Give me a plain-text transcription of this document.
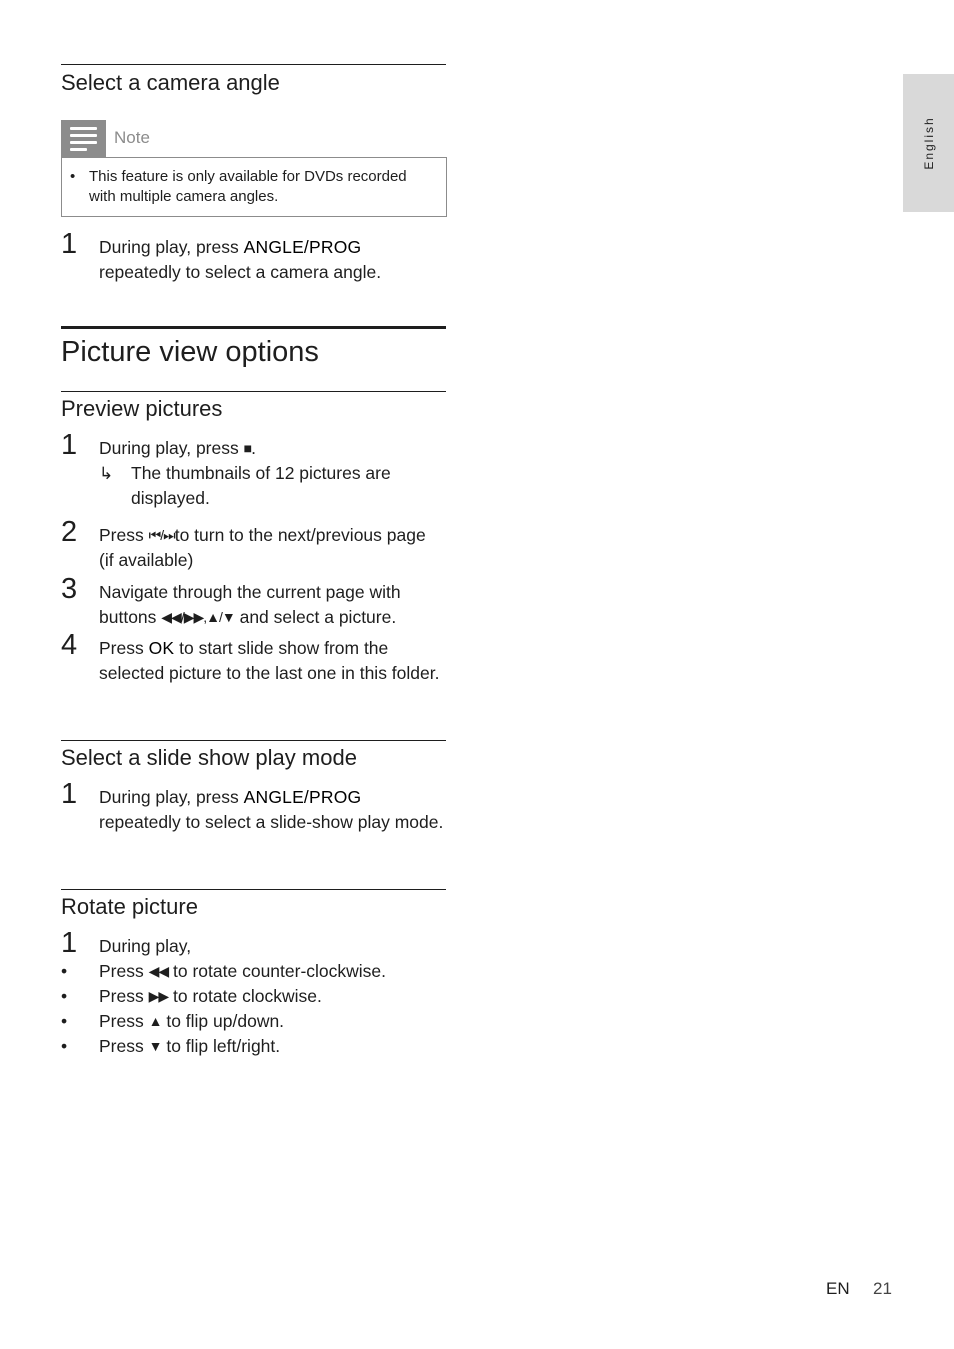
English
Select a camera angle
Note
• This feature is only available for DVDs recorded with multiple camera angles.
1 During play, press ANGLE/PROG
repeatedly to select a camera angle.
Picture view options
Preview pictures
1 During play, press ■.
↳ The thumbnails of 12 pictures are displayed.
2 Press ⏮/⏭to turn to the next/previous page (if available)
3 Navigate through the current page with buttons ◀◀/▶▶,▲/▼ and select a picture.
4 Press OK to start slide show from the selected picture to the last one in this folder.
Select a slide show play mode
1 During play, press ANGLE/PROG
repeatedly to select a slide-show play mode.
Rotate picture
1 During play,
• Press ◀◀ to rotate counter-clockwise.
• Press ▶▶ to rotate clockwise.
• Press ▲ to flip up/down.
• Press ▼ to flip left/right.
EN 21
